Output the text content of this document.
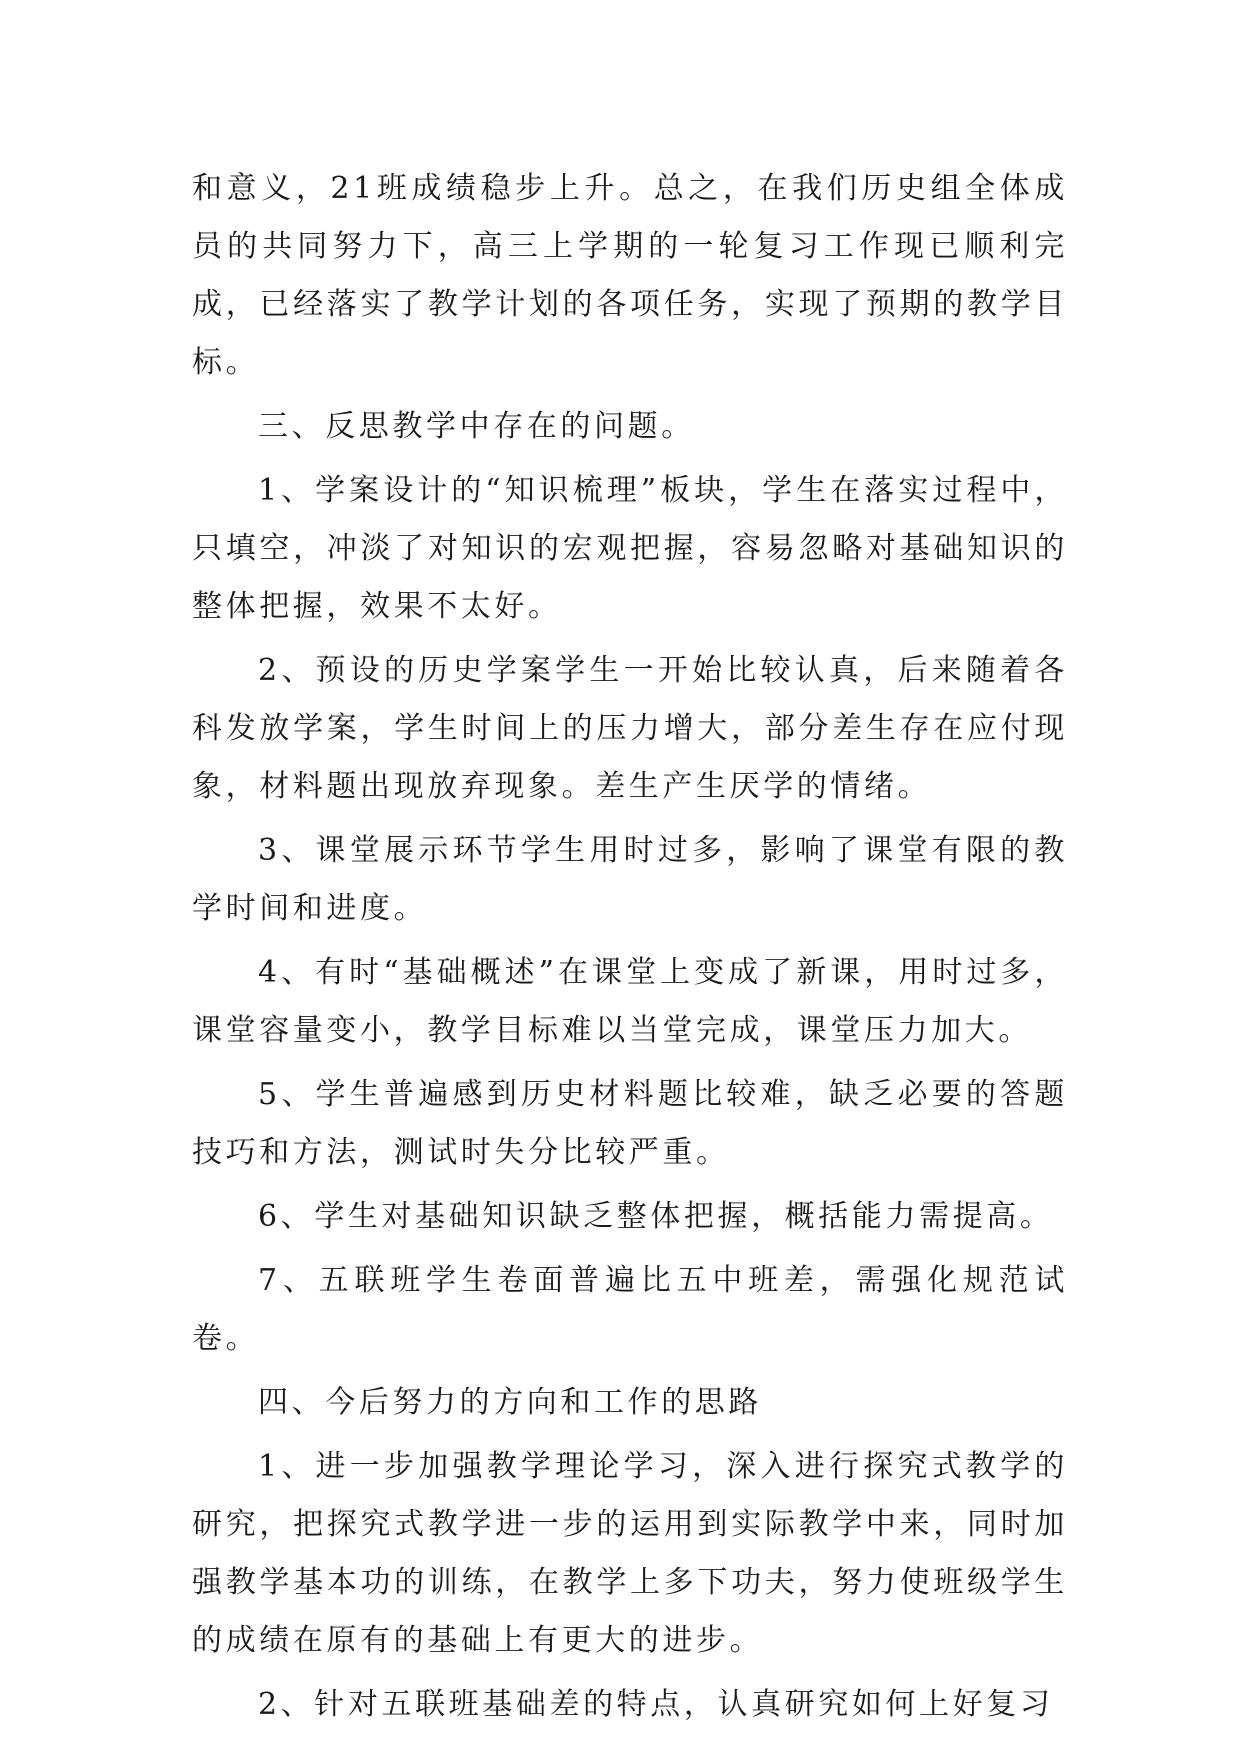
和意义，21班成绩稳步上升。总之，在我们历史组全体成员的共同努力下，高三上学期的一轮复习工作现已顺利完成，已经落实了教学计划的各项任务，实现了预期的教学目标。

三、反思教学中存在的问题。

1、学案设计的“知识梳理”板块，学生在落实过程中，只填空，冲淡了对知识的宏观把握，容易忽略对基础知识的整体把握，效果不太好。

2、预设的历史学案学生一开始比较认真，后来随着各科发放学案，学生时间上的压力增大，部分差生存在应付现象，材料题出现放弃现象。差生产生厌学的情绪。

3、课堂展示环节学生用时过多，影响了课堂有限的教学时间和进度。

4、有时“基础概述”在课堂上变成了新课，用时过多，课堂容量变小，教学目标难以当堂完成，课堂压力加大。

5、学生普遍感到历史材料题比较难，缺乏必要的答题技巧和方法，测试时失分比较严重。

6、学生对基础知识缺乏整体把握，概括能力需提高。

7、五联班学生卷面普遍比五中班差，需强化规范试卷。

四、今后努力的方向和工作的思路

1、进一步加强教学理论学习，深入进行探究式教学的研究，把探究式教学进一步的运用到实际教学中来，同时加强教学基本功的训练，在教学上多下功夫，努力使班级学生的成绩在原有的基础上有更大的进步。

2、针对五联班基础差的特点，认真研究如何上好复习
